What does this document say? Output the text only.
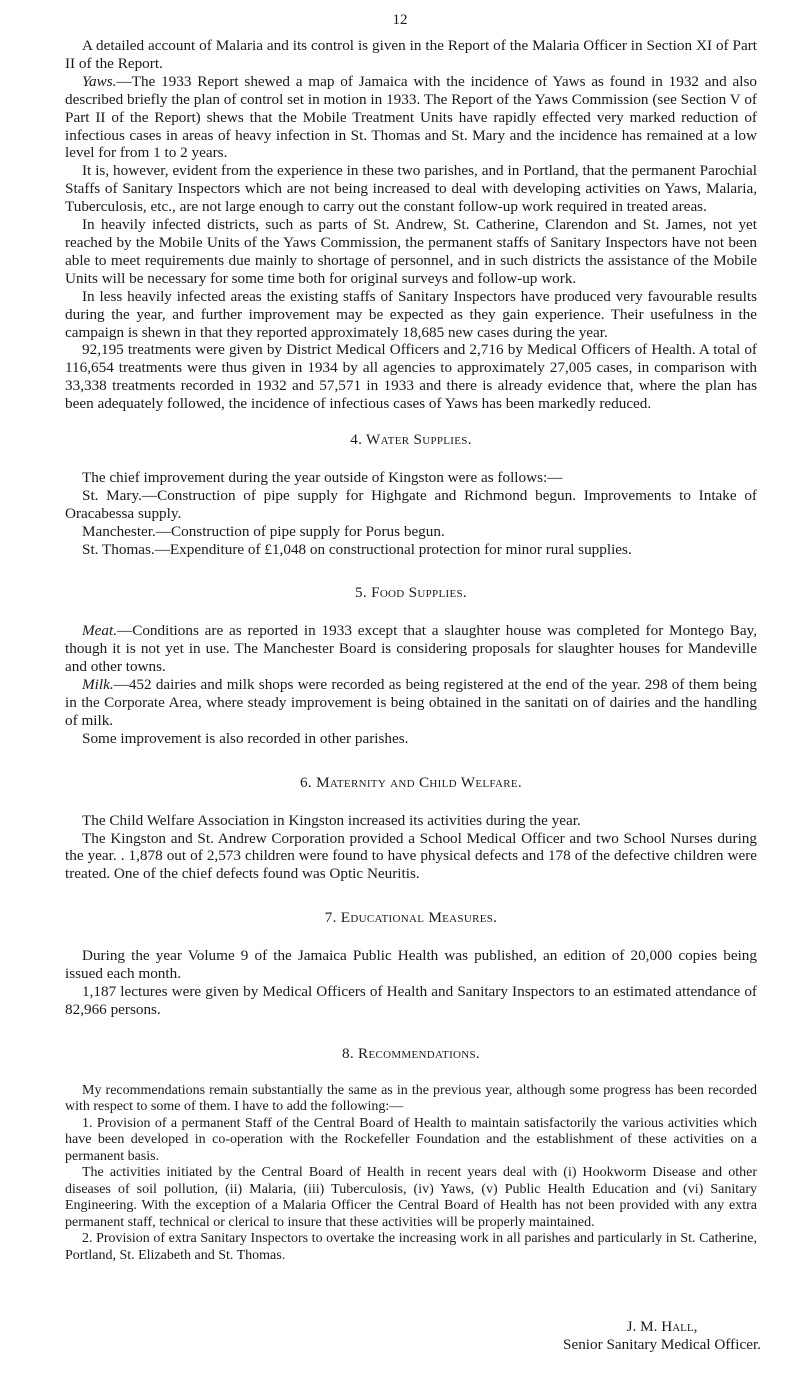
12

A detailed account of Malaria and its control is given in the Report of the Malaria Officer in Section XI of Part II of the Report.

Yaws.—The 1933 Report shewed a map of Jamaica with the incidence of Yaws as found in 1932 and also described briefly the plan of control set in motion in 1933. The Report of the Yaws Commission (see Section V of Part II of the Report) shews that the Mobile Treatment Units have rapidly effected very marked reduction of infectious cases in areas of heavy infection in St. Thomas and St. Mary and the incidence has remained at a low level for from 1 to 2 years.

It is, however, evident from the experience in these two parishes, and in Portland, that the permanent Parochial Staffs of Sanitary Inspectors which are not being increased to deal with developing activities on Yaws, Malaria, Tuberculosis, etc., are not large enough to carry out the constant follow-up work required in treated areas.

In heavily infected districts, such as parts of St. Andrew, St. Catherine, Clarendon and St. James, not yet reached by the Mobile Units of the Yaws Commission, the permanent staffs of Sanitary Inspectors have not been able to meet requirements due mainly to shortage of personnel, and in such districts the assistance of the Mobile Units will be necessary for some time both for original surveys and follow-up work.

In less heavily infected areas the existing staffs of Sanitary Inspectors have produced very favourable results during the year, and further improvement may be expected as they gain experience. Their usefulness in the campaign is shewn in that they reported approximately 18,685 new cases during the year.

92,195 treatments were given by District Medical Officers and 2,716 by Medical Officers of Health. A total of 116,654 treatments were thus given in 1934 by all agencies to approximately 27,005 cases, in comparison with 33,338 treatments recorded in 1932 and 57,571 in 1933 and there is already evidence that, where the plan has been adequately followed, the incidence of infectious cases of Yaws has been markedly reduced.

4. Water Supplies.

The chief improvement during the year outside of Kingston were as follows:—

St. Mary.—Construction of pipe supply for Highgate and Richmond begun. Improvements to Intake of Oracabessa supply.

Manchester.—Construction of pipe supply for Porus begun.

St. Thomas.—Expenditure of £1,048 on constructional protection for minor rural supplies.

5. Food Supplies.

Meat.—Conditions are as reported in 1933 except that a slaughter house was completed for Montego Bay, though it is not yet in use. The Manchester Board is considering proposals for slaughter houses for Mandeville and other towns.

Milk.—452 dairies and milk shops were recorded as being registered at the end of the year. 298 of them being in the Corporate Area, where steady improvement is being obtained in the sanitati on of dairies and the handling of milk.

Some improvement is also recorded in other parishes.

6. Maternity and Child Welfare.

The Child Welfare Association in Kingston increased its activities during the year.

The Kingston and St. Andrew Corporation provided a School Medical Officer and two School Nurses during the year. . 1,878 out of 2,573 children were found to have physical defects and 178 of the defective children were treated. One of the chief defects found was Optic Neuritis.

7. Educational Measures.

During the year Volume 9 of the Jamaica Public Health was published, an edition of 20,000 copies being issued each month.

1,187 lectures were given by Medical Officers of Health and Sanitary Inspectors to an estimated attendance of 82,966 persons.

8. Recommendations.

My recommendations remain substantially the same as in the previous year, although some progress has been recorded with respect to some of them. I have to add the following:—

1. Provision of a permanent Staff of the Central Board of Health to maintain satisfactorily the various activities which have been developed in co-operation with the Rockefeller Foundation and the establishment of these activities on a permanent basis.

The activities initiated by the Central Board of Health in recent years deal with (i) Hookworm Disease and other diseases of soil pollution, (ii) Malaria, (iii) Tuberculosis, (iv) Yaws, (v) Public Health Education and (vi) Sanitary Engineering. With the exception of a Malaria Officer the Central Board of Health has not been provided with any extra permanent staff, technical or clerical to insure that these activities will be properly maintained.

2. Provision of extra Sanitary Inspectors to overtake the increasing work in all parishes and particularly in St. Catherine, Portland, St. Elizabeth and St. Thomas.

J. M. Hall,
Senior Sanitary Medical Officer.
